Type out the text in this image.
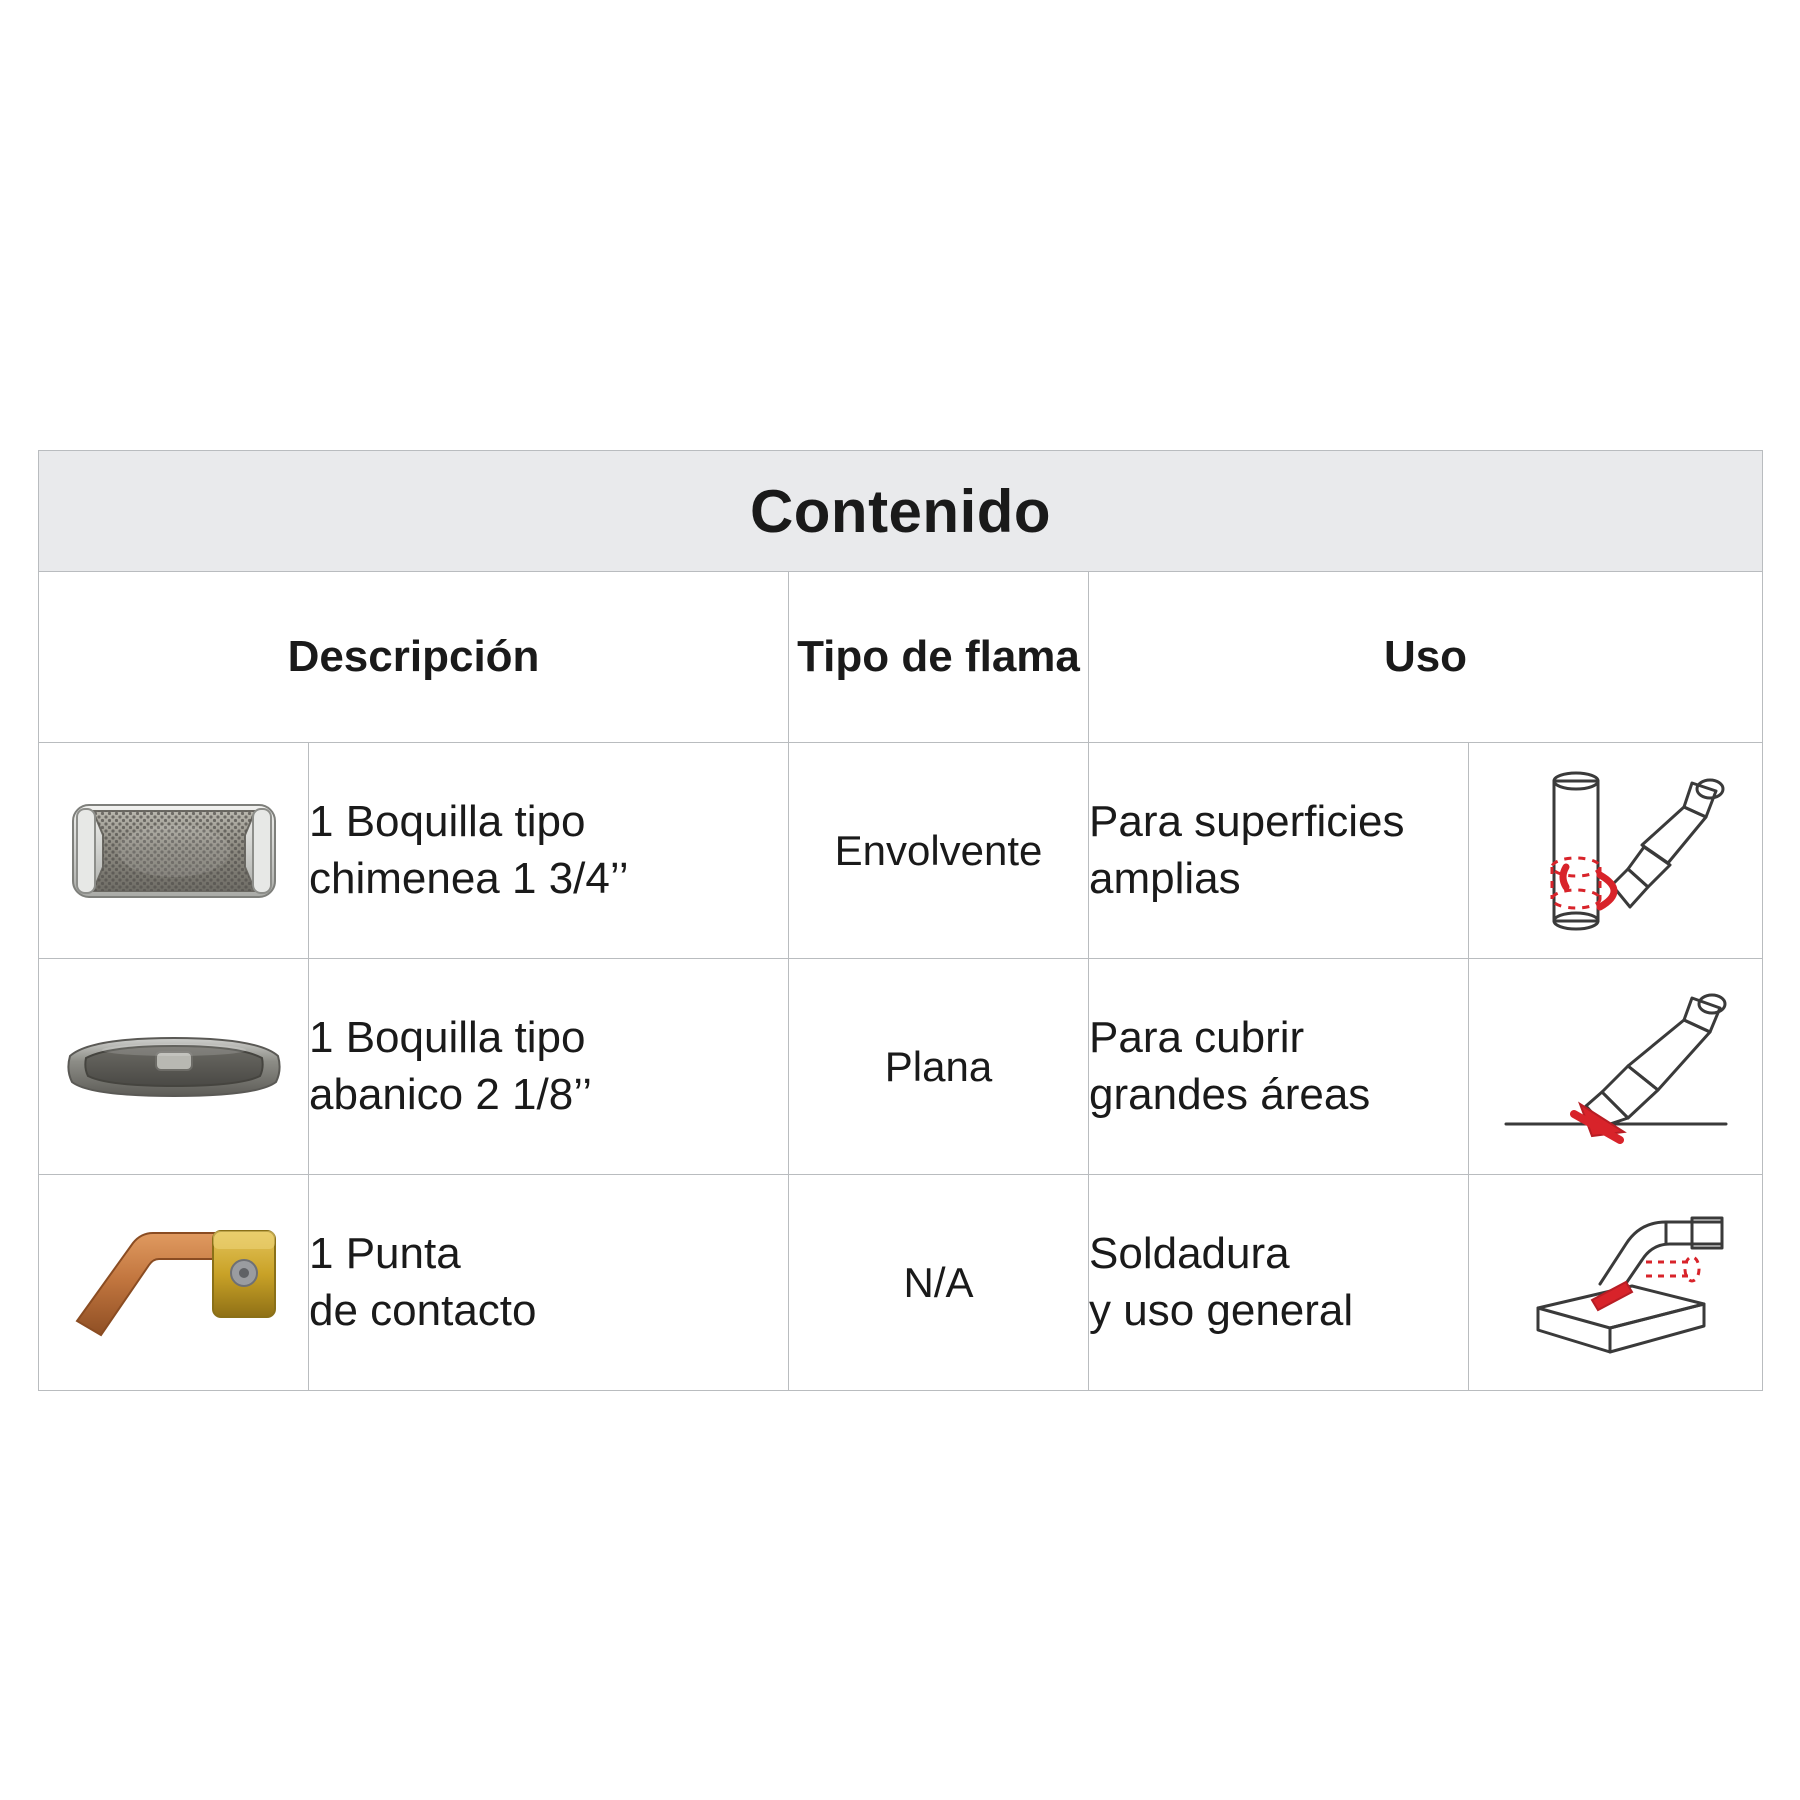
Contenido				
Descripción		Tipo de flama	Uso	

1 Boquilla tipo
chimenea 1 3/4’’	Envolvente	Para superficies
amplias

1 Boquilla tipo
abanico 2 1/8’’	Plana	Para cubrir
grandes áreas

1 Punta
de contacto	N/A	Soldadura
y uso general
